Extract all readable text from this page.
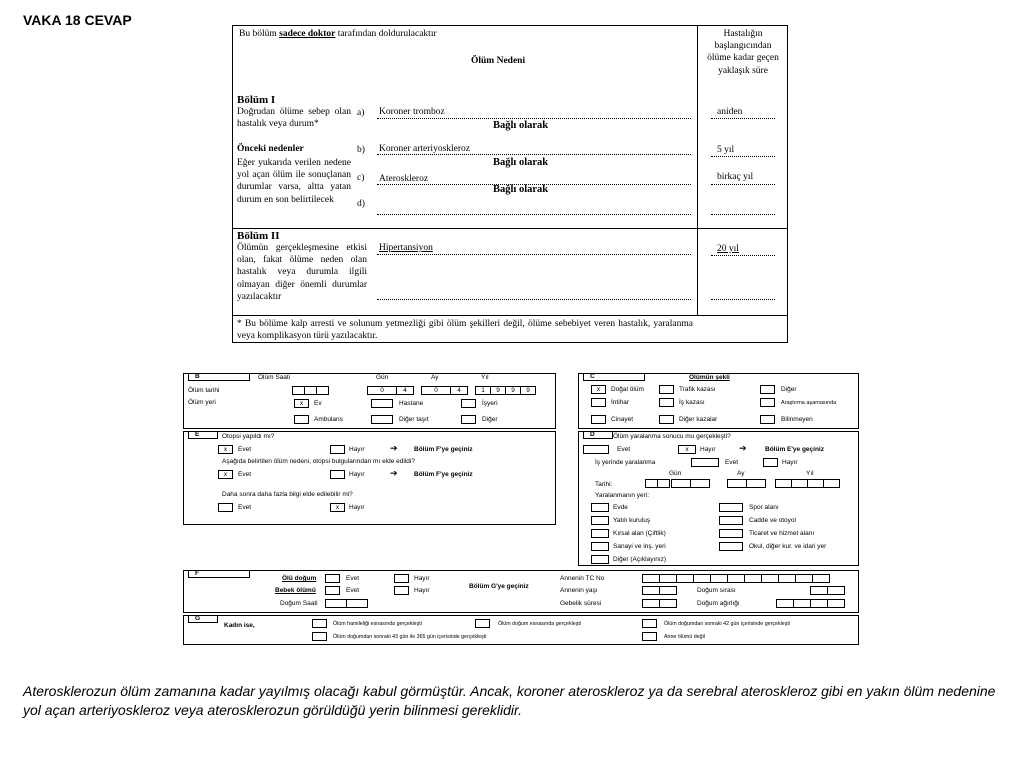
VAKA 18 CEVAP
Bu bölüm sadece doktor tarafından doldurulacaktır
Ölüm Nedeni
Hastalığın başlangıcından ölüme kadar geçen yaklaşık süre
Bölüm I
Doğrudan ölüme sebep olan hastalık veya durum*
Önceki nedenler
Eğer yukarıda verilen nedene yol açan ölüm ile sonuçlanan durumlar varsa, altta yatan durum en son belirtilecek
a) Koroner tromboz	aniden
Bağlı olarak
b) Koroner arteriyoskleroz	5 yıl
Bağlı olarak
c) Ateroskleroz	birkaç yıl
Bağlı olarak
d)
Bölüm II
Ölümün gerçekleşmesine etkisi olan, fakat ölüme neden olan hastalık veya durumla ilgili olmayan diğer önemli durumlar yazılacaktır
Hipertansiyon	20 yıl
* Bu bölüme kalp arresti ve solunum yetmezliği gibi ölüm şekilleri değil, ölüme sebebiyet veren hastalık, yaralanma veya komplikasyon türü yazılacaktır.
B	Ölüm Saati	Gün	Ay	Yıl
Ölüm tarihi	0	4	0	4	1	9	9	9
Ölüm yeri	x	Ev	Hastane	İşyeri
Ambulans	Diğer taşıt	Diğer
C	Ölümün şekli
x	Doğal ölüm	Trafik kazası	Diğer
İntihar	İş kazası	Araştırma aşamasında
Cinayet	Diğer kazalar	Bilinmeyen
E	Otopsi yapıldı mı?
x	Evet	Hayır	➔	Bölüm F'ye geçiniz
Aşağıda belirtilen ölüm nedeni, otopsi bulgularından mı elde edildi?
x	Evet	Hayır	➔	Bölüm F'ye geçiniz
Daha sonra daha fazla bilgi elde edilebilir mi?
Evet	x	Hayır
D	Ölüm yaralanma sonucu mu gerçekleşti?
Evet	x	Hayır	➔	Bölüm E'ye geçiniz
İş yerinde yaralanma	Evet	Hayır
Gün	Ay	Yıl
Tarihi:
Yaralanmanın yeri:
Evde	Spor alanı
Yatılı kuruluş	Cadde ve otoyol
Kırsal alan (Çiftlik)	Ticaret ve hizmet alanı
Sanayi ve inş. yeri	Okul, diğer kur. ve idari yer
Diğer (Açıklayınız)
F
Ölü doğum	Evet	Hayır
Bebek ölümü	Evet	Hayır
Bölüm G'ye geçiniz
Doğum Saati
Annenin TC No
Annenin yaşı	Doğum sırası
Gebelik süresi	Doğum ağırlığı
G
Kadın ise,	Ölüm hamileliği esnasında gerçekleşti	Ölüm doğum esnasında gerçekleşti	Ölüm doğumdan sonraki 42 gün içerisinde gerçekleşti
Ölüm doğumdan sonraki 43 gün ile 365 gün içerisinde gerçekleşti	Anne ölümü değil
Aterosklerozun ölüm zamanına kadar yayılmış olacağı kabul görmüştür. Ancak, koroner ateroskleroz ya da serebral ateroskleroz gibi en yakın ölüm nedenine yol açan arteriyoskleroz veya aterosklerozun görüldüğü yerin bilinmesi gereklidir.
